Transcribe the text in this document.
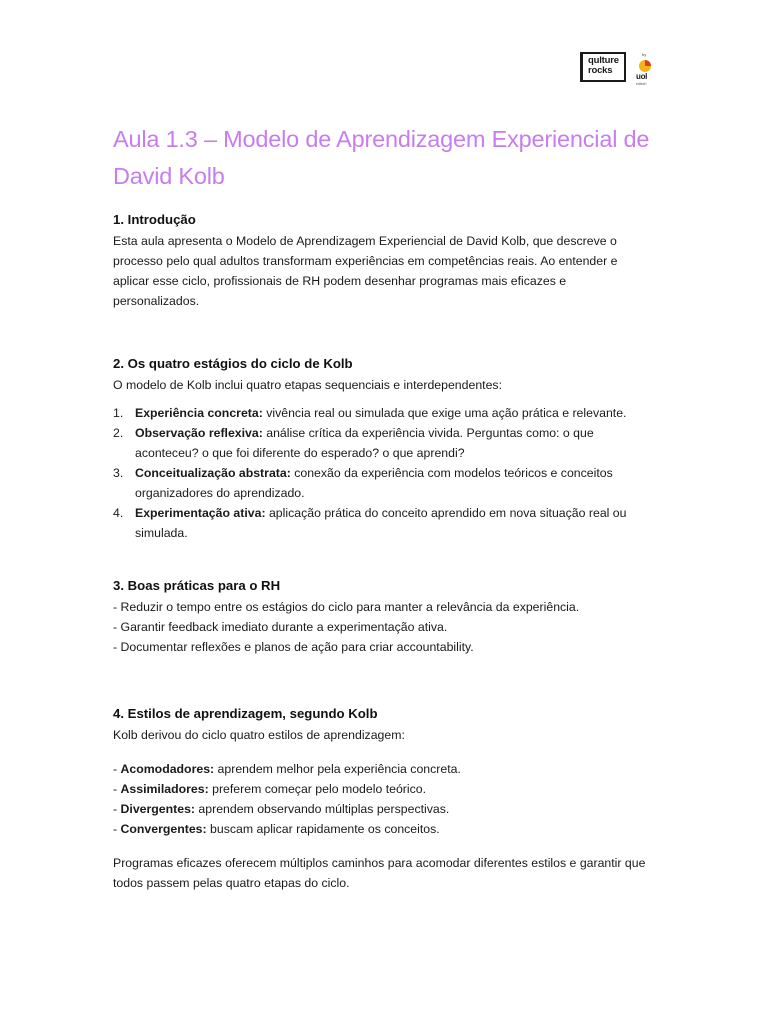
qulture
rocks
by
uol
edtech
Aula 1.3 – Modelo de Aprendizagem Experiencial de David Kolb
1. Introdução

Esta aula apresenta o Modelo de Aprendizagem Experiencial de David Kolb, que descreve o processo pelo qual adultos transformam experiências em competências reais. Ao entender e aplicar esse ciclo, profissionais de RH podem desenhar programas mais eficazes e personalizados.

2. Os quatro estágios do ciclo de Kolb

O modelo de Kolb inclui quatro etapas sequenciais e interdependentes:

1. Experiência concreta: vivência real ou simulada que exige uma ação prática e relevante.
2. Observação reflexiva: análise crítica da experiência vivida. Perguntas como: o que aconteceu? o que foi diferente do esperado? o que aprendi?
3. Conceitualização abstrata: conexão da experiência com modelos teóricos e conceitos organizadores do aprendizado.
4. Experimentação ativa: aplicação prática do conceito aprendido em nova situação real ou simulada.
3. Boas práticas para o RH

- Reduzir o tempo entre os estágios do ciclo para manter a relevância da experiência.

- Garantir feedback imediato durante a experimentação ativa.

- Documentar reflexões e planos de ação para criar accountability.

4. Estilos de aprendizagem, segundo Kolb

Kolb derivou do ciclo quatro estilos de aprendizagem:

- Acomodadores: aprendem melhor pela experiência concreta.

- Assimiladores: preferem começar pelo modelo teórico.

- Divergentes: aprendem observando múltiplas perspectivas.

- Convergentes: buscam aplicar rapidamente os conceitos.

Programas eficazes oferecem múltiplos caminhos para acomodar diferentes estilos e garantir que todos passem pelas quatro etapas do ciclo.
